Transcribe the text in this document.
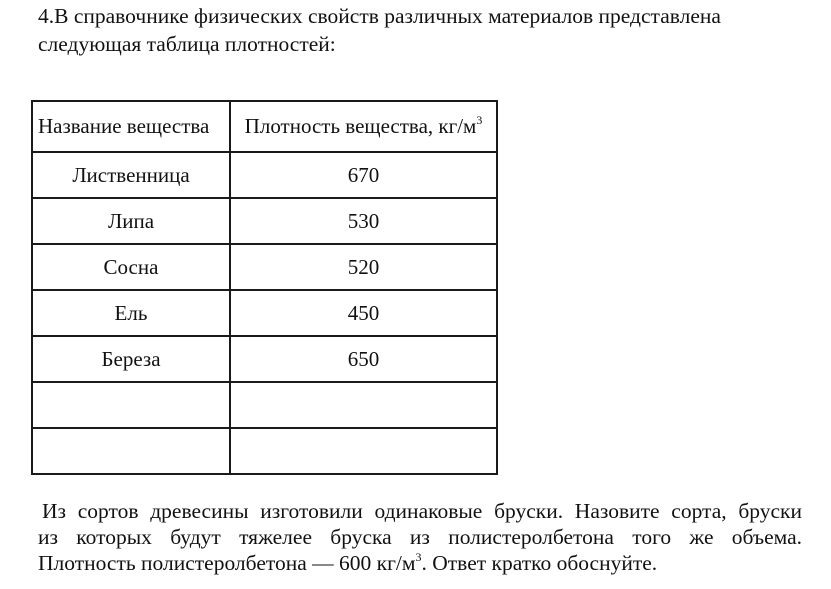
4.В справочнике физических свойств различных материалов представлена
следующая таблица плотностей:
Название вещества	Плотность вещества, $кг/м^3$
Лиственница	670
Липа	530
Сосна	520
Ель	450
Береза	650

Из сортов древесины изготовили одинаковые бруски. Назовите сорта, бруски
из которых будут тяжелее бруска из полистеролбетона того же объема.
Плотность полистеролбетона — 600 $кг/м^3$. Ответ кратко обоснуйте.
